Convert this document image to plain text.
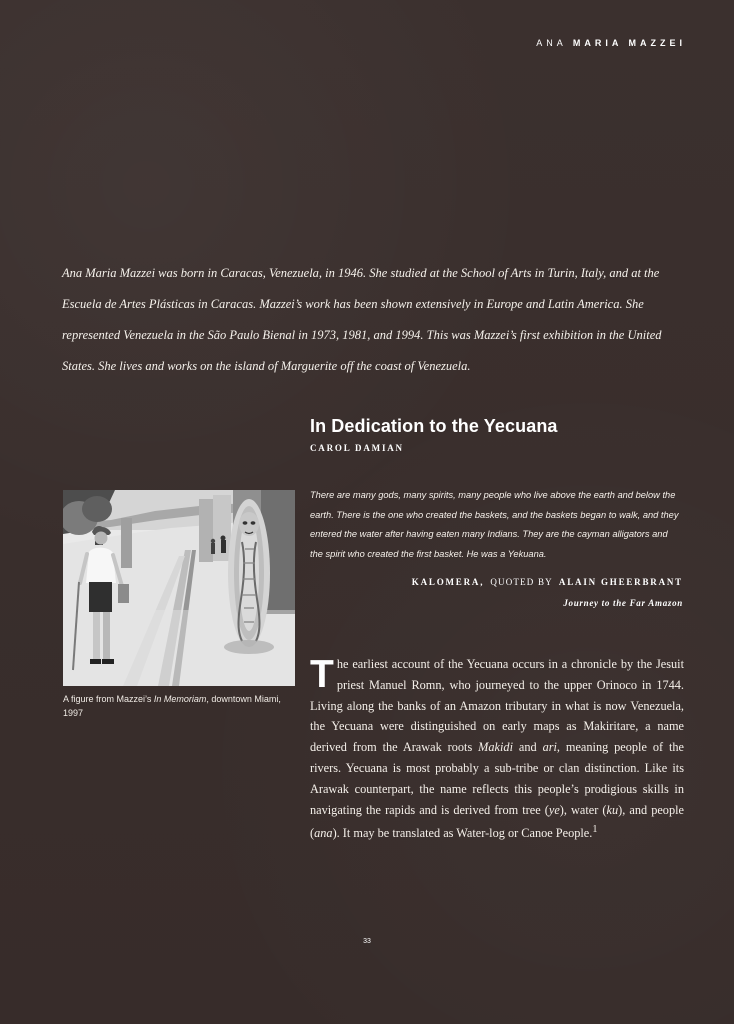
ANA MARIA MAZZEI
Ana Maria Mazzei was born in Caracas, Venezuela, in 1946. She studied at the School of Arts in Turin, Italy, and at the Escuela de Artes Plásticas in Caracas. Mazzei’s work has been shown extensively in Europe and Latin America. She represented Venezuela in the São Paulo Bienal in 1973, 1981, and 1994. This was Mazzei’s first exhibition in the United States. She lives and works on the island of Marguerite off the coast of Venezuela.
In Dedication to the Yecuana
CAROL DAMIAN
A figure from Mazzei’s In Memoriam, downtown Miami, 1997
There are many gods, many spirits, many people who live above the earth and below the earth. There is the one who created the baskets, and the baskets began to walk, and they entered the water after having eaten many Indians. They are the cayman alligators and the spirit who created the first basket. He was a Yekuana.
KALOMERA, QUOTED BY ALAIN GHEERBRANT
Journey to the Far Amazon
The earliest account of the Yecuana occurs in a chronicle by the Jesuit priest Manuel Romn, who journeyed to the upper Orinoco in 1744. Living along the banks of an Amazon tributary in what is now Venezuela, the Yecuana were distinguished on early maps as Makiritare, a name derived from the Arawak roots Makidi and ari, meaning people of the rivers. Yecuana is most probably a sub-tribe or clan distinction. Like its Arawak counterpart, the name reflects this people’s prodigious skills in navigating the rapids and is derived from tree (ye), water (ku), and people (ana). It may be translated as Water-log or Canoe People.$^1$
33
